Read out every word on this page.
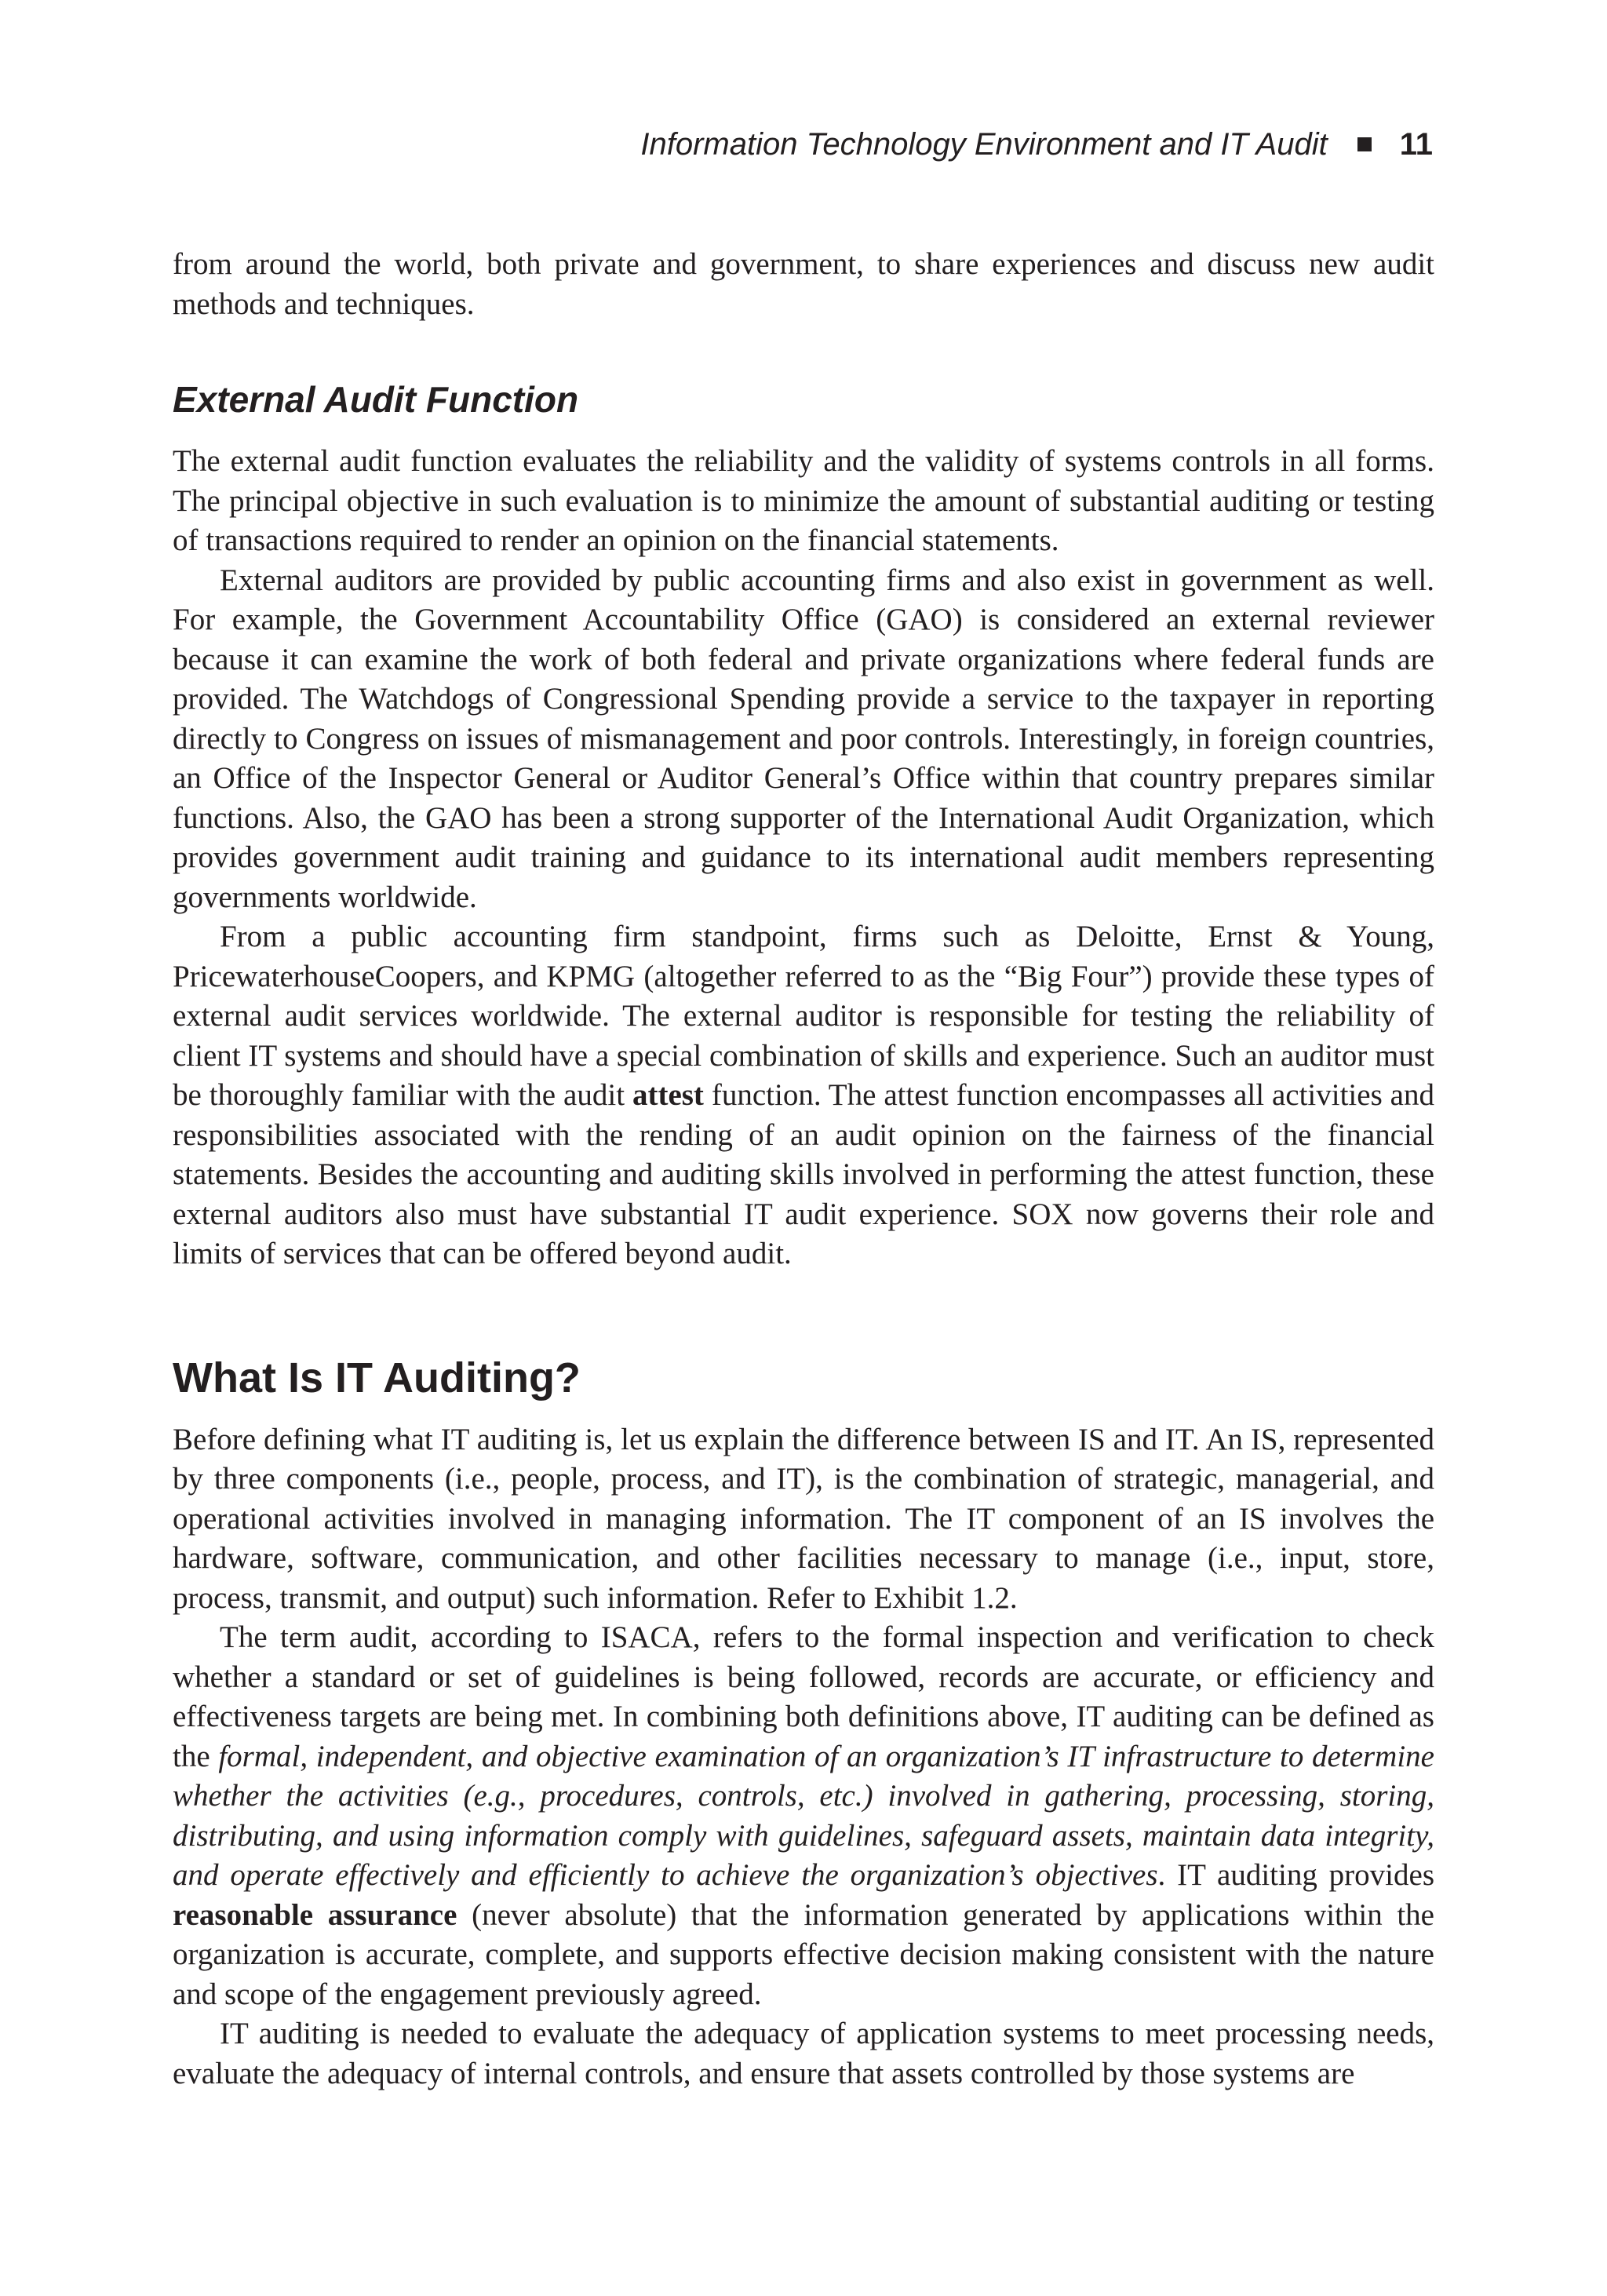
Information Technology Environment and IT Audit 11

from around the world, both private and government, to share experiences and discuss new audit methods and techniques.

External Audit Function

The external audit function evaluates the reliability and the validity of systems controls in all forms. The principal objective in such evaluation is to minimize the amount of substantial auditing or testing of transactions required to render an opinion on the financial statements.

External auditors are provided by public accounting firms and also exist in government as well. For example, the Government Accountability Office (GAO) is considered an external reviewer because it can examine the work of both federal and private organizations where federal funds are provided. The Watchdogs of Congressional Spending provide a service to the taxpayer in reporting directly to Congress on issues of mismanagement and poor controls. Interestingly, in foreign countries, an Office of the Inspector General or Auditor General’s Office within that country prepares similar functions. Also, the GAO has been a strong supporter of the International Audit Organization, which provides government audit training and guidance to its international audit members representing governments worldwide.

From a public accounting firm standpoint, firms such as Deloitte, Ernst & Young, PricewaterhouseCoopers, and KPMG (altogether referred to as the “Big Four”) provide these types of external audit services worldwide. The external auditor is responsible for testing the reliability of client IT systems and should have a special combination of skills and experience. Such an auditor must be thoroughly familiar with the audit attest function. The attest function encompasses all activities and responsibilities associated with the rending of an audit opinion on the fairness of the financial statements. Besides the accounting and auditing skills involved in performing the attest function, these external auditors also must have substantial IT audit experience. SOX now governs their role and limits of services that can be offered beyond audit.

What Is IT Auditing?

Before defining what IT auditing is, let us explain the difference between IS and IT. An IS, represented by three components (i.e., people, process, and IT), is the combination of strategic, managerial, and operational activities involved in managing information. The IT component of an IS involves the hardware, software, communication, and other facilities necessary to manage (i.e., input, store, process, transmit, and output) such information. Refer to Exhibit 1.2.

The term audit, according to ISACA, refers to the formal inspection and verification to check whether a standard or set of guidelines is being followed, records are accurate, or efficiency and effectiveness targets are being met. In combining both definitions above, IT auditing can be defined as the formal, independent, and objective examination of an organization’s IT infrastructure to determine whether the activities (e.g., procedures, controls, etc.) involved in gathering, processing, storing, distributing, and using information comply with guidelines, safeguard assets, maintain data integrity, and operate effectively and efficiently to achieve the organization’s objectives. IT auditing provides reasonable assurance (never absolute) that the information generated by applications within the organization is accurate, complete, and supports effective decision making consistent with the nature and scope of the engagement previously agreed.

IT auditing is needed to evaluate the adequacy of application systems to meet processing needs, evaluate the adequacy of internal controls, and ensure that assets controlled by those systems are
